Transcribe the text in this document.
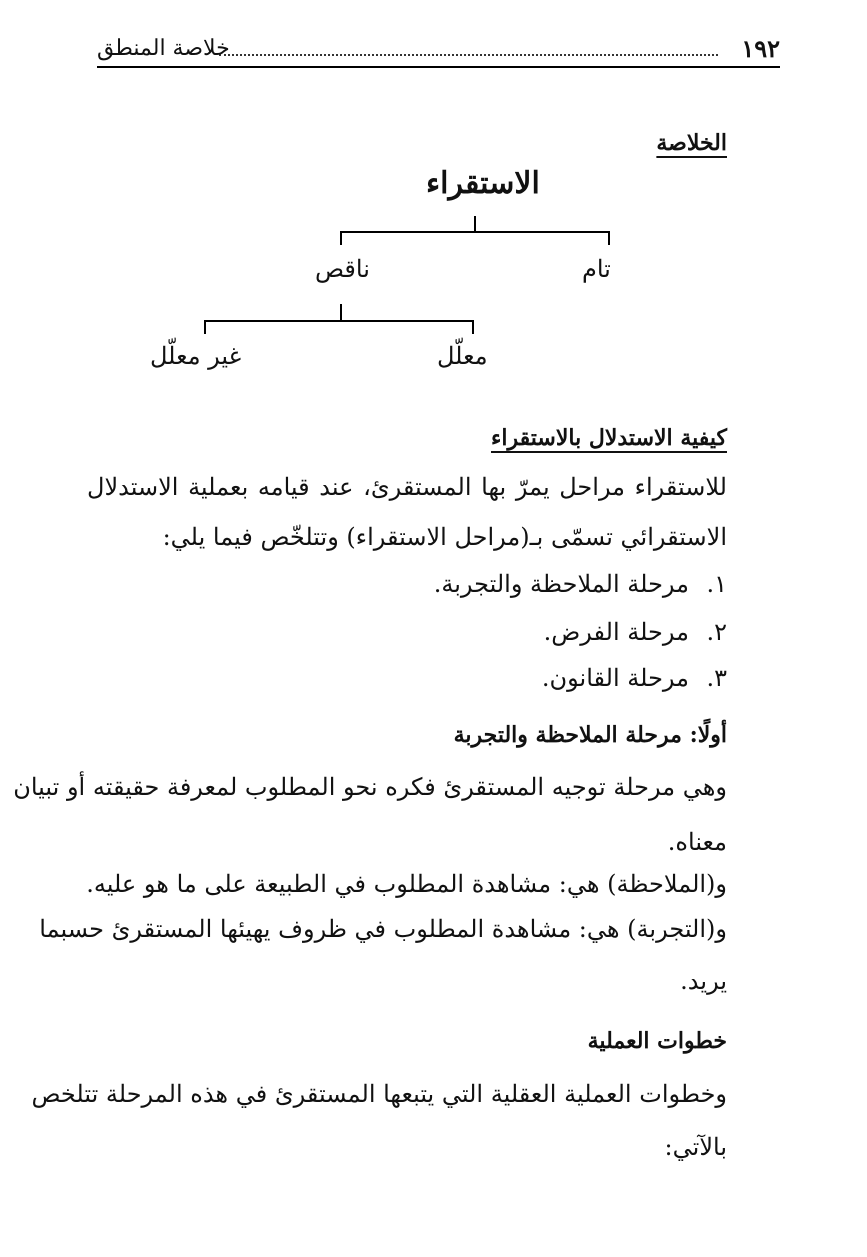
١٩٢
خلاصة المنطق
الخلاصة
الاستقراء
تام
ناقص
معلّل
غير معلّل
كيفية الاستدلال بالاستقراء
للاستقراء مراحل يمرّ بها المستقرئ، عند قيامه بعملية الاستدلال
الاستقرائي تسمّى بـ(مراحل الاستقراء) وتتلخّص فيما يلي:
١.مرحلة الملاحظة والتجربة.
٢.مرحلة الفرض.
٣.مرحلة القانون.
أولًا: مرحلة الملاحظة والتجربة
وهي مرحلة توجيه المستقرئ فكره نحو المطلوب لمعرفة حقيقته أو تبيان
معناه.
و(الملاحظة) هي: مشاهدة المطلوب في الطبيعة على ما هو عليه.
و(التجربة) هي: مشاهدة المطلوب في ظروف يهيئها المستقرئ حسبما
يريد.
خطوات العملية
وخطوات العملية العقلية التي يتبعها المستقرئ في هذه المرحلة تتلخص
بالآتي:
